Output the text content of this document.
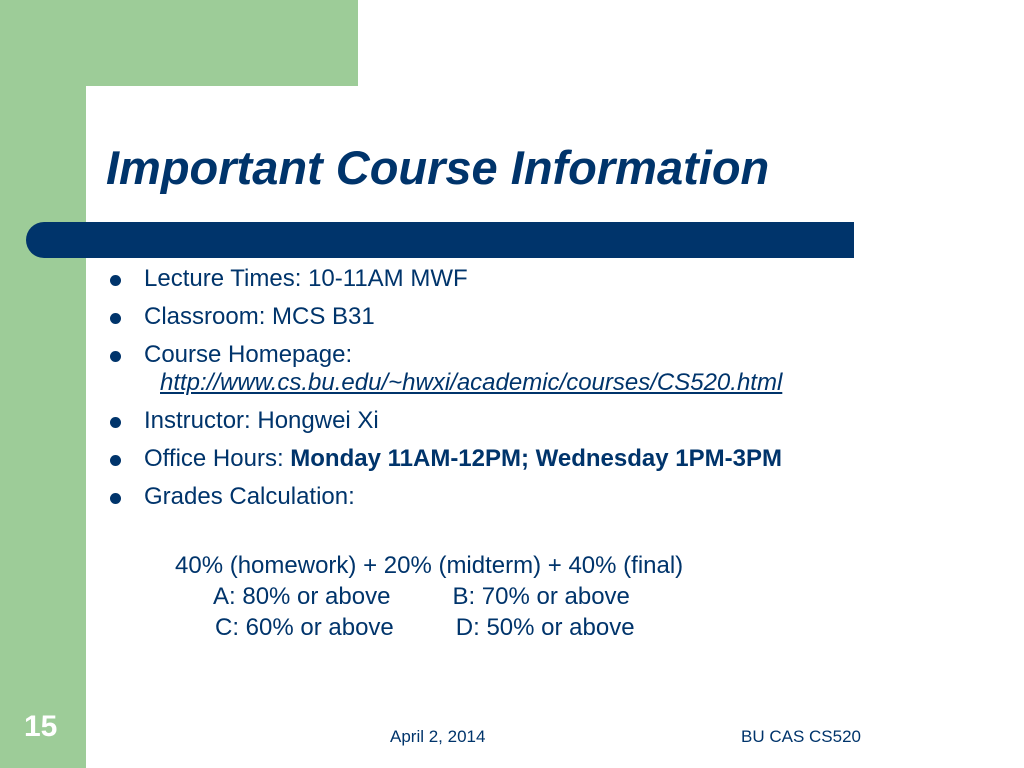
Important Course Information
Lecture Times: 10-11AM MWF
Classroom: MCS B31
Course Homepage:
http://www.cs.bu.edu/~hwxi/academic/courses/CS520.html
Instructor: Hongwei Xi
Office Hours: Monday 11AM-12PM; Wednesday 1PM-3PM
Grades Calculation:
40% (homework) + 20% (midterm) + 40% (final)
A: 80% or above	B: 70% or above
C: 60% or above	D: 50% or above
15	April 2, 2014	BU CAS CS520
